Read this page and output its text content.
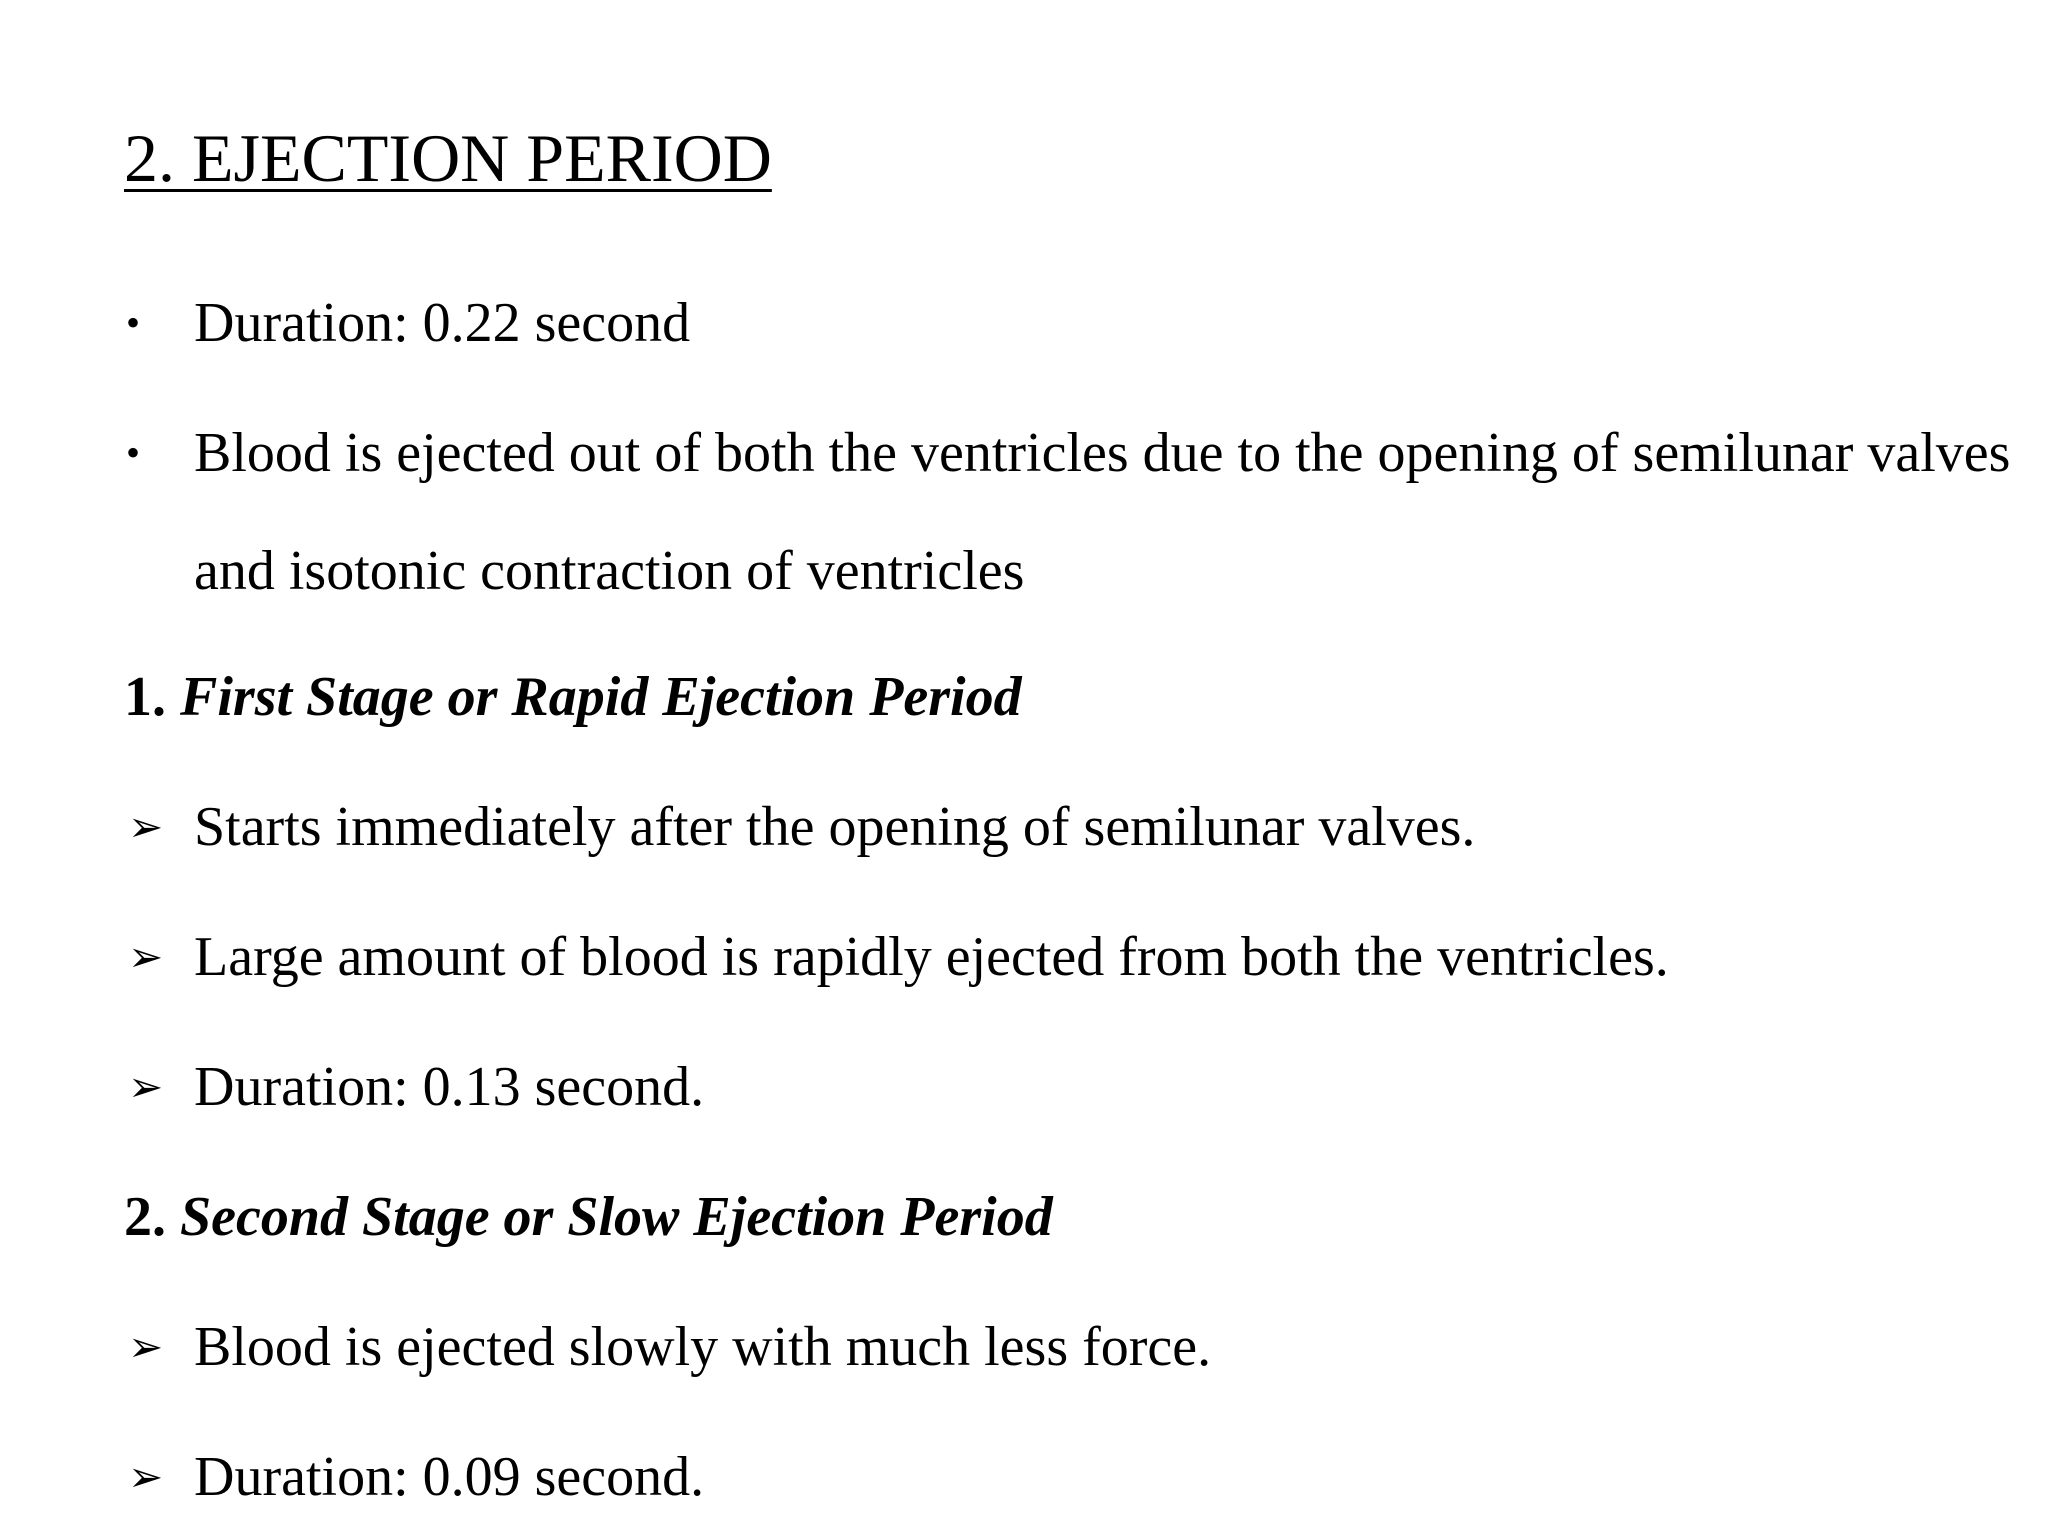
2. EJECTION PERIOD
• Duration: 0.22 second
• Blood is ejected out of both the ventricles due to the opening of semilunar valves and isotonic contraction of ventricles
1. First Stage or Rapid Ejection Period
➢ Starts immediately after the opening of semilunar valves.
➢ Large amount of blood is rapidly ejected from both the ventricles.
➢ Duration: 0.13 second.
2. Second Stage or Slow Ejection Period
➢ Blood is ejected slowly with much less force.
➢ Duration: 0.09 second.
